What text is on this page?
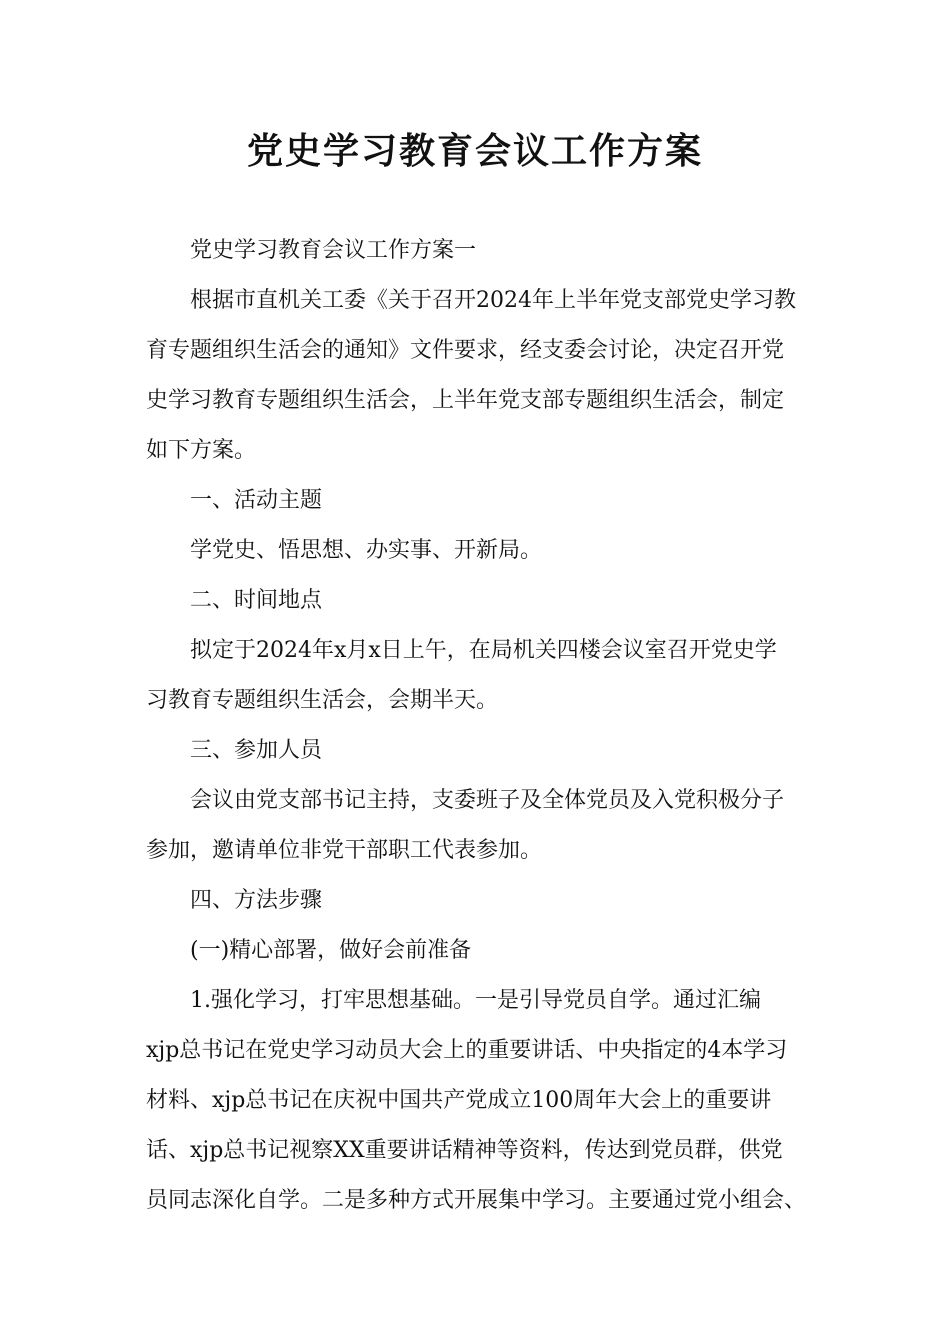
党史学习教育会议工作方案

党史学习教育会议工作方案一

根据市直机关工委《关于召开2024年上半年党支部党史学习教

育专题组织生活会的通知》文件要求，经支委会讨论，决定召开党

史学习教育专题组织生活会，上半年党支部专题组织生活会，制定

如下方案。

一、活动主题

学党史、悟思想、办实事、开新局。

二、时间地点

拟定于2024年x月x日上午，在局机关四楼会议室召开党史学

习教育专题组织生活会，会期半天。

三、参加人员

会议由党支部书记主持，支委班子及全体党员及入党积极分子

参加，邀请单位非党干部职工代表参加。

四、方法步骤

(一)精心部署，做好会前准备

1.强化学习，打牢思想基础。一是引导党员自学。通过汇编

xjp总书记在党史学习动员大会上的重要讲话、中央指定的4本学习

材料、xjp总书记在庆祝中国共产党成立100周年大会上的重要讲

话、xjp总书记视察XX重要讲话精神等资料，传达到党员群，供党

员同志深化自学。二是多种方式开展集中学习。主要通过党小组会、
